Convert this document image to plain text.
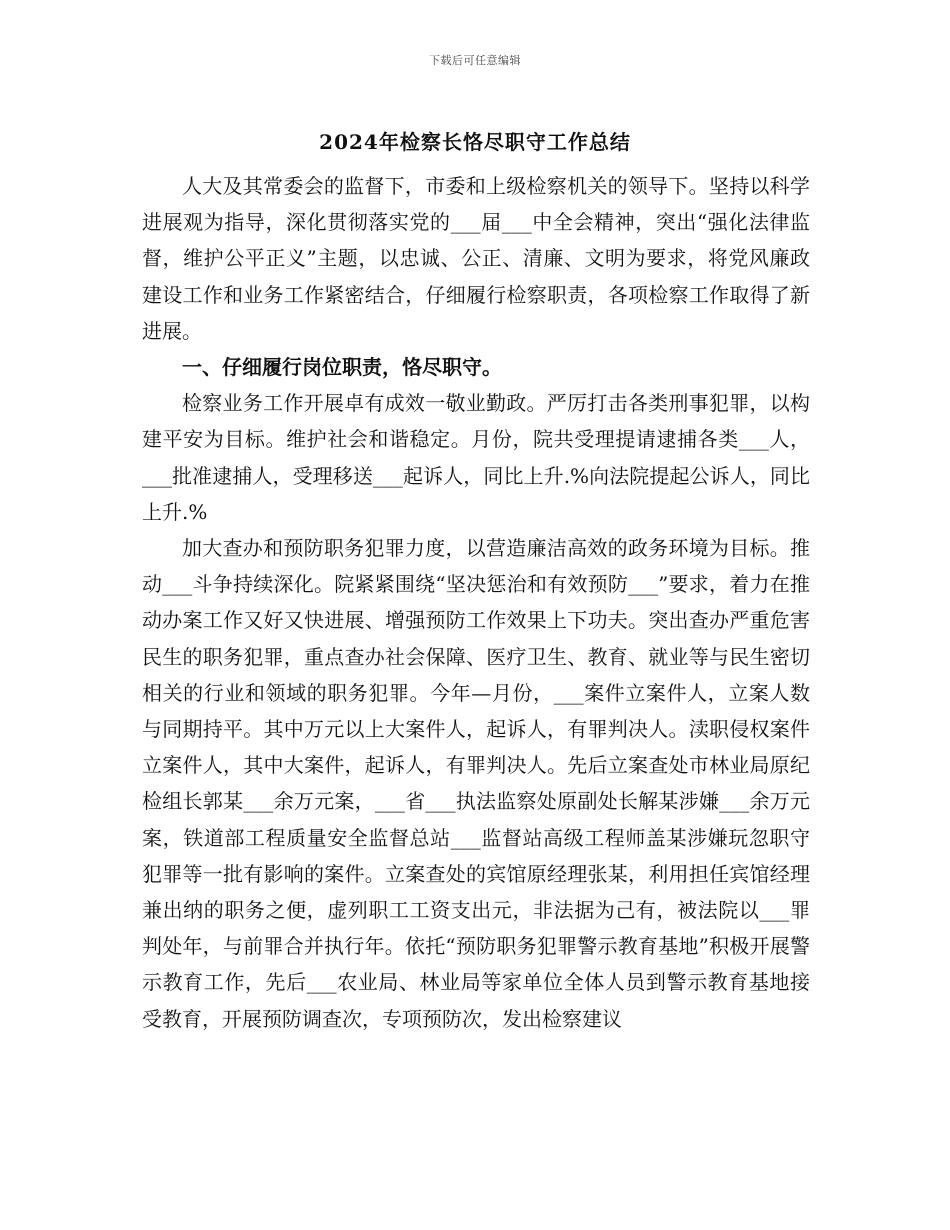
下载后可任意编辑
2024年检察长恪尽职守工作总结

人大及其常委会的监督下，市委和上级检察机关的领导下。坚持以科学进展观为指导，深化贯彻落实党的___届___中全会精神，突出“强化法律监督，维护公平正义”主题，以忠诚、公正、清廉、文明为要求，将党风廉政建设工作和业务工作紧密结合，仔细履行检察职责，各项检察工作取得了新进展。

一、仔细履行岗位职责，恪尽职守。

检察业务工作开展卓有成效一敬业勤政。严厉打击各类刑事犯罪，以构建平安为目标。维护社会和谐稳定。月份，院共受理提请逮捕各类___人，___批准逮捕人，受理移送___起诉人，同比上升.%向法院提起公诉人，同比上升.%

加大查办和预防职务犯罪力度，以营造廉洁高效的政务环境为目标。推动___斗争持续深化。院紧紧围绕“坚决惩治和有效预防___”要求，着力在推动办案工作又好又快进展、增强预防工作效果上下功夫。突出查办严重危害民生的职务犯罪，重点查办社会保障、医疗卫生、教育、就业等与民生密切相关的行业和领域的职务犯罪。今年—月份，___案件立案件人，立案人数与同期持平。其中万元以上大案件人，起诉人，有罪判决人。渎职侵权案件立案件人，其中大案件，起诉人，有罪判决人。先后立案查处市林业局原纪检组长郭某___余万元案，___省___执法监察处原副处长解某涉嫌___余万元案，铁道部工程质量安全监督总站___监督站高级工程师盖某涉嫌玩忽职守犯罪等一批有影响的案件。立案查处的宾馆原经理张某，利用担任宾馆经理兼出纳的职务之便，虚列职工工资支出元，非法据为己有，被法院以___罪判处年，与前罪合并执行年。依托“预防职务犯罪警示教育基地”积极开展警示教育工作，先后___农业局、林业局等家单位全体人员到警示教育基地接受教育，开展预防调查次，专项预防次，发出检察建议
